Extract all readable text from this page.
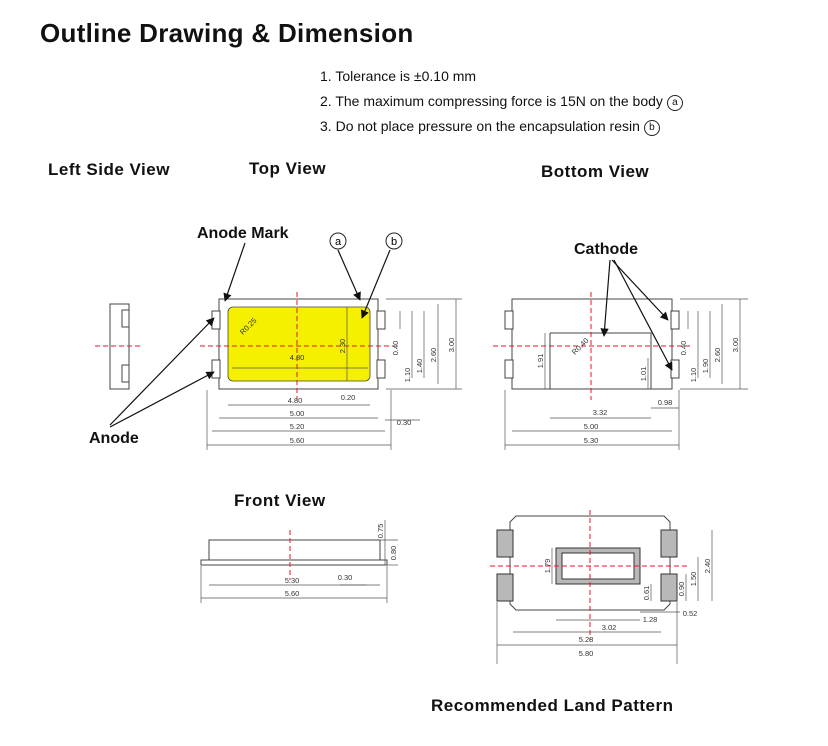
Outline Drawing & Dimension
1. Tolerance is ±0.10 mm
2. The maximum compressing force is 15N on the body a
3. Do not place pressure on the encapsulation resin b
Left Side View	Top View	Bottom View
Front View
Recommended Land Pattern
Anode Mark
Anode
Cathode
4.80
5.00
5.20
5.60
0.20
0.30
2.30	0.40
1.10
1.40
2.60
3.00
R0.25
4.80
a	b
3.32
0.98
5.00
5.30
1.91
1.01
0.40
1.10
1.90
2.60
3.00
R0.40
5.30	0.30
5.60
0.75
0.80
1.79
0.61
3.02
1.28
5.28
5.80
0.52
0.90
1.50
2.40
